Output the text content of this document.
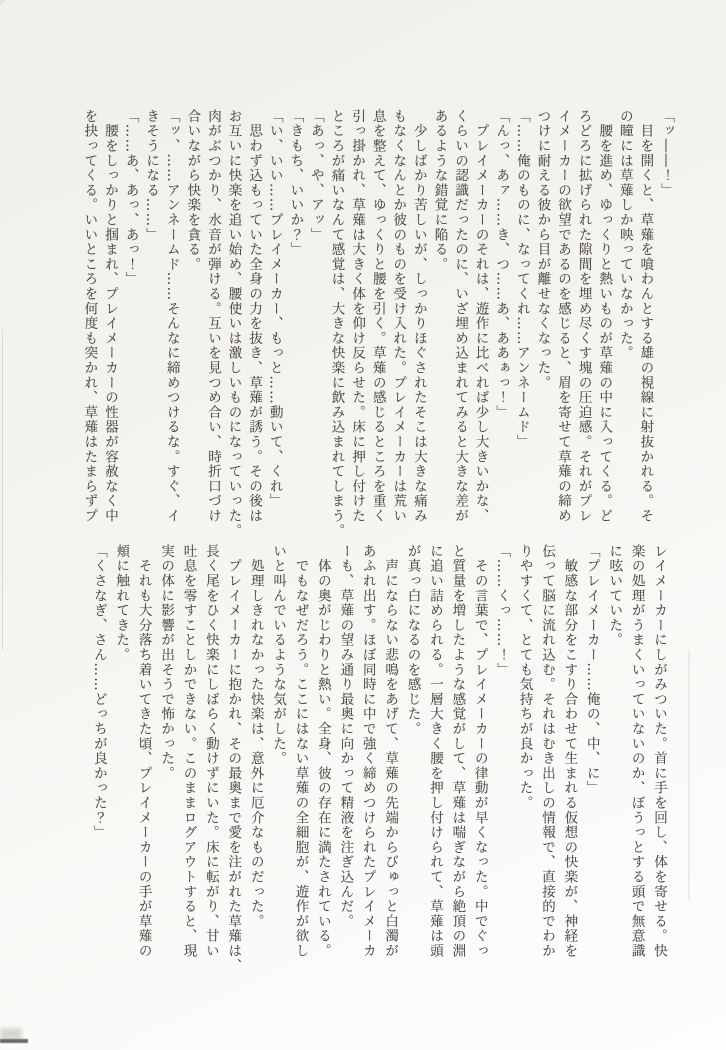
「ッ――！」
　目を開くと、草薙を喰わんとする雄の視線に射抜かれる。そ
の瞳には草薙しか映っていなかった。
　腰を進め、ゆっくりと熱いものが草薙の中に入ってくる。ど
ろどろに拡げられた隙間を埋め尽くす塊の圧迫感。それがプレ
イメーカーの欲望であるのを感じると、眉を寄せて草薙の締め
つけに耐える彼から目が離せなくなった。
「……俺のものに、なってくれ……アンネームド」
「んっ、あァ……き、つ……あ、ああぁっ！」
　プレイメーカーのそれは、遊作に比べれば少し大きいかな、
くらいの認識だったのに、いざ埋め込まれてみると大きな差が
あるような錯覚に陥る。
　少しばかり苦しいが、しっかりほぐされたそこは大きな痛み
もなくなんとか彼のものを受け入れた。プレイメーカーは荒い
息を整えて、ゆっくりと腰を引く。草薙の感じるところを重く
引っ掛かれ、草薙は大きく体を仰け反らせた。床に押し付けた
ところが痛いなんて感覚は、大きな快楽に飲み込まれてしまう。
「あっ、や、アッ」
「きもち、いいか？」
「い、いい……プレイメーカー、もっと……動いて、くれ」
　思わず込もっていた全身の力を抜き、草薙が誘う。その後は
お互いに快楽を追い始め、腰使いは激しいものになっていった。
肉がぶつかり、水音が弾ける。互いを見つめ合い、時折口づけ
合いながら快楽を貪る。
「ッ、……アンネームド……そんなに締めつけるな。すぐ、イ
きそうになる……」
「……あ、あっ、あっ！」
　腰をしっかりと掴まれ、プレイメーカーの性器が容赦なく中
を抉ってくる。いいところを何度も突かれ、草薙はたまらずプ
レイメーカーにしがみついた。首に手を回し、体を寄せる。快
楽の処理がうまくいっていないのか、ぼうっとする頭で無意識
に呟いていた。
「プレイメーカー……俺の、中、に」
　敏感な部分をこすり合わせて生まれる仮想の快楽が、神経を
伝って脳に流れ込む。それはむき出しの情報で、直接的でわか
りやすくて、とても気持ちが良かった。
「……くっ……！」
　その言葉で、プレイメーカーの律動が早くなった。中でぐっ
と質量を増したような感覚がして、草薙は喘ぎながら絶頂の淵
に追い詰められる。一層大きく腰を押し付けられて、草薙は頭
が真っ白になるのを感じた。
　声にならない悲鳴をあげて、草薙の先端からびゅっと白濁が
あふれ出す。ほぼ同時に中で強く締めつけられたプレイメーカ
ーも、草薙の望み通り最奥に向かって精液を注ぎ込んだ。
　体の奥がじわりと熱い。全身、彼の存在に満たされている。
　でもなぜだろう。ここにはない草薙の全細胞が、遊作が欲し
いと叫んでいるような気がした。
　処理しきれなかった快楽は、意外に厄介なものだった。
　プレイメーカーに抱かれ、その最奥まで愛を注がれた草薙は、
長く尾をひく快楽にしばらく動けずにいた。床に転がり、甘い
吐息を零すことしかできない。このままログアウトすると、現
実の体に影響が出そうで怖かった。
　それも大分落ち着いてきた頃、プレイメーカーの手が草薙の
頬に触れてきた。
「くさなぎ、さん……どっちが良かった？」
